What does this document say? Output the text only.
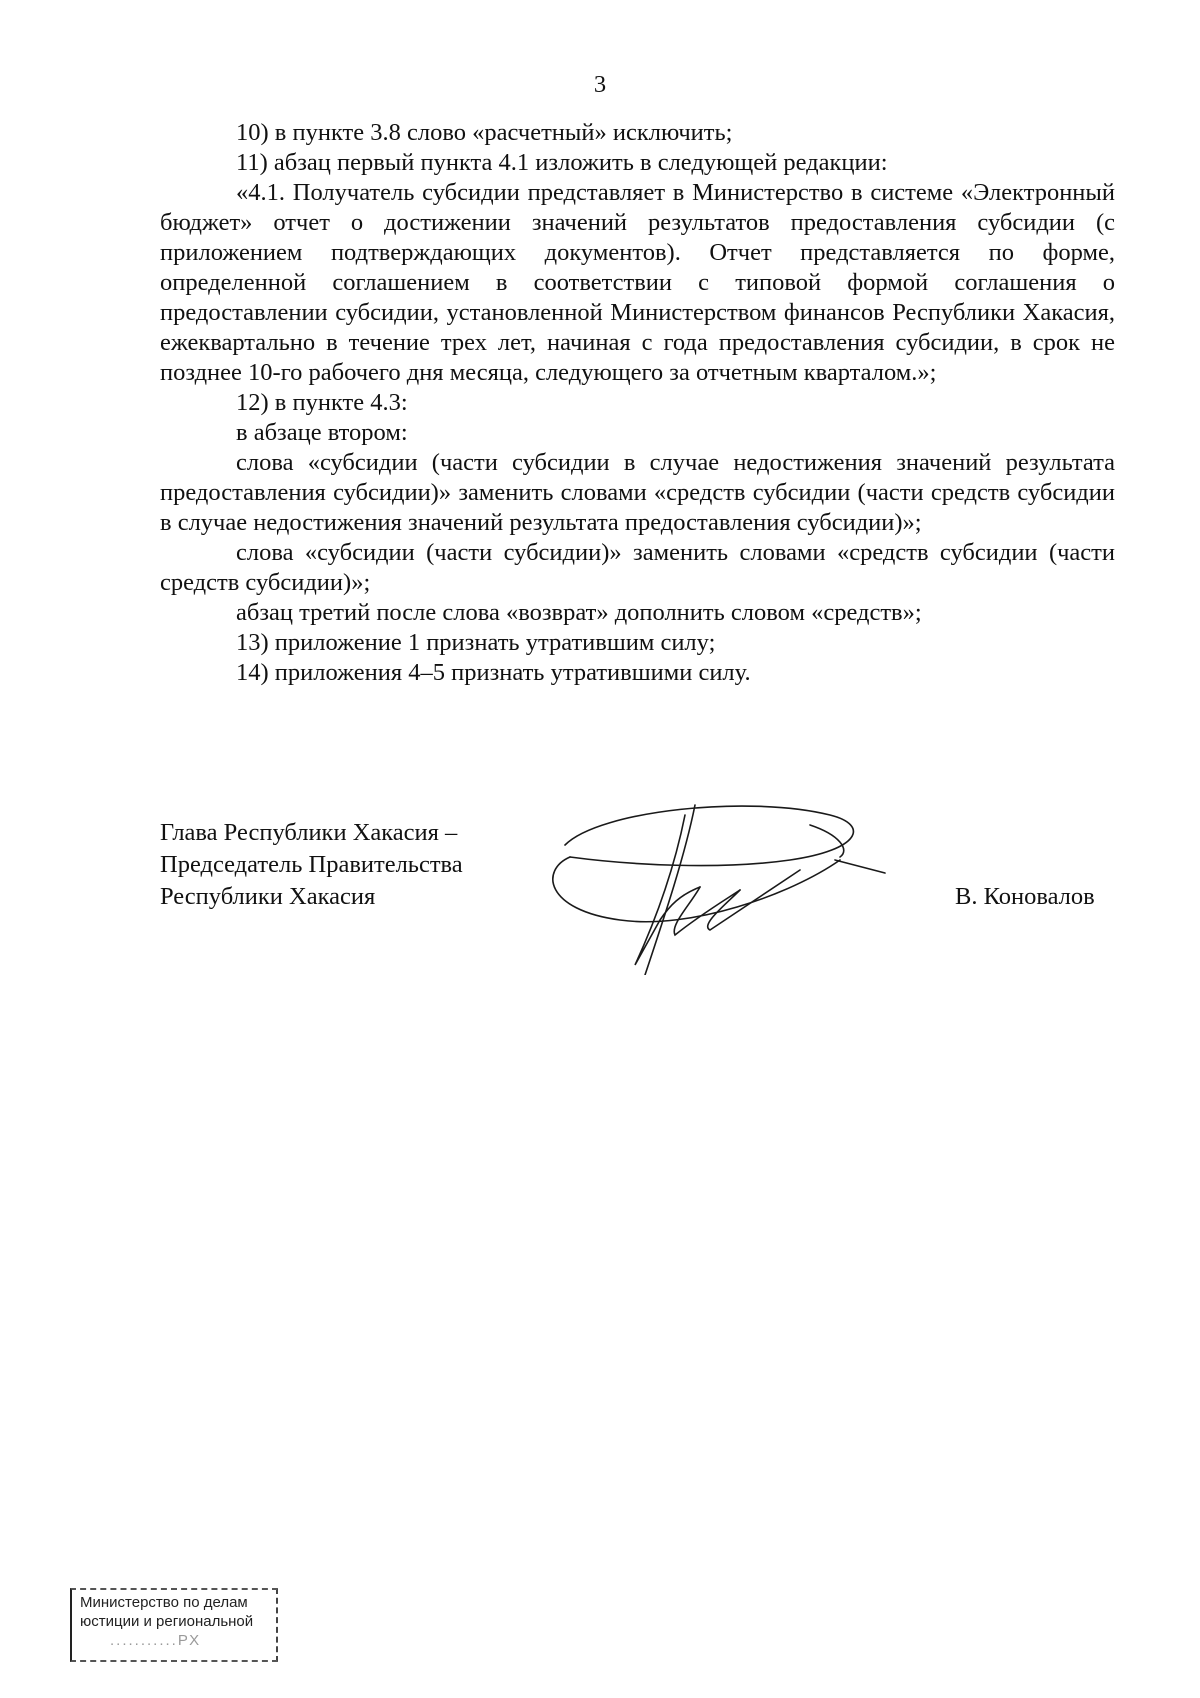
3

10) в пункте 3.8 слово «расчетный» исключить;

11) абзац первый пункта 4.1 изложить в следующей редакции:

«4.1. Получатель субсидии представляет в Министерство в системе «Электронный бюджет» отчет о достижении значений результатов предоставления субсидии (с приложением подтверждающих документов). Отчет представляется по форме, определенной соглашением в соответствии с типовой формой соглашения о предоставлении субсидии, установленной Министерством финансов Республики Хакасия, ежеквартально в течение трех лет, начиная с года предоставления субсидии, в срок не позднее 10-го рабочего дня месяца, следующего за отчетным кварталом.»;

12) в пункте 4.3:

в абзаце втором:

слова «субсидии (части субсидии в случае недостижения значений результата предоставления субсидии)» заменить словами «средств субсидии (части средств субсидии в случае недостижения значений результата предоставления субсидии)»;

слова «субсидии (части субсидии)» заменить словами «средств субсидии (части средств субсидии)»;

абзац третий после слова «возврат» дополнить словом «средств»;

13) приложение 1 признать утратившим силу;

14) приложения 4–5 признать утратившими силу.

Глава Республики Хакасия –
Председатель Правительства
Республики Хакасия	В. Коновалов
Министерство по делам
юстиции и региональной
...........РХ
